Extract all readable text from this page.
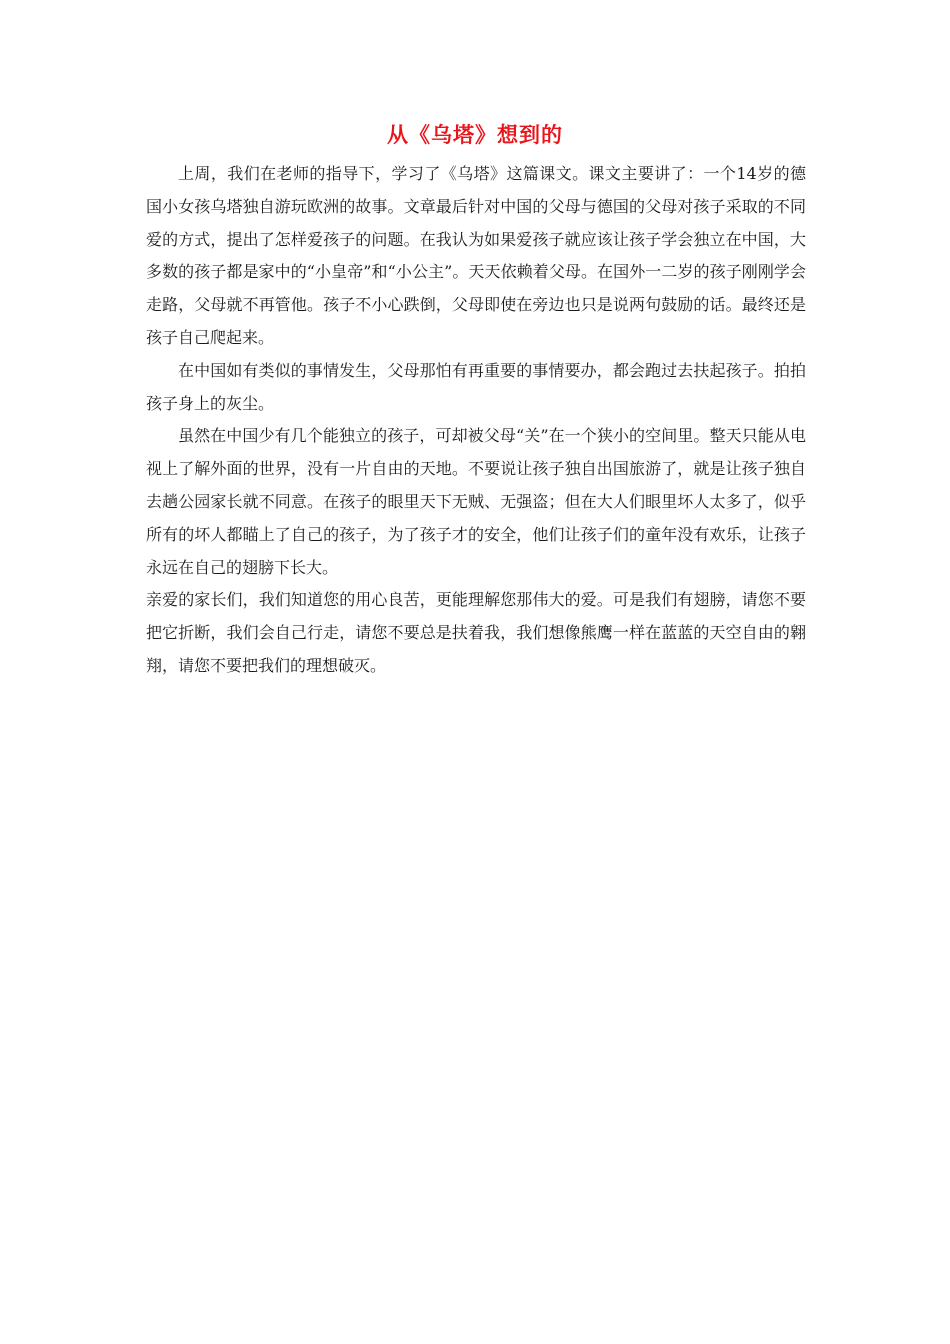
从《乌塔》想到的

上周，我们在老师的指导下，学习了《乌塔》这篇课文。课文主要讲了：一个14岁的德国小女孩乌塔独自游玩欧洲的故事。文章最后针对中国的父母与德国的父母对孩子采取的不同爱的方式，提出了怎样爱孩子的问题。在我认为如果爱孩子就应该让孩子学会独立在中国，大多数的孩子都是家中的“小皇帝”和“小公主”。天天依赖着父母。在国外一二岁的孩子刚刚学会走路，父母就不再管他。孩子不小心跌倒，父母即使在旁边也只是说两句鼓励的话。最终还是孩子自己爬起来。

在中国如有类似的事情发生，父母那怕有再重要的事情要办，都会跑过去扶起孩子。拍拍孩子身上的灰尘。

虽然在中国少有几个能独立的孩子，可却被父母“关”在一个狭小的空间里。整天只能从电视上了解外面的世界，没有一片自由的天地。不要说让孩子独自出国旅游了，就是让孩子独自去趟公园家长就不同意。在孩子的眼里天下无贼、无强盗；但在大人们眼里坏人太多了，似乎所有的坏人都瞄上了自己的孩子，为了孩子才的安全，他们让孩子们的童年没有欢乐，让孩子永远在自己的翅膀下长大。

亲爱的家长们，我们知道您的用心良苦，更能理解您那伟大的爱。可是我们有翅膀，请您不要把它折断，我们会自己行走，请您不要总是扶着我，我们想像熊鹰一样在蓝蓝的天空自由的翱翔，请您不要把我们的理想破灭。
